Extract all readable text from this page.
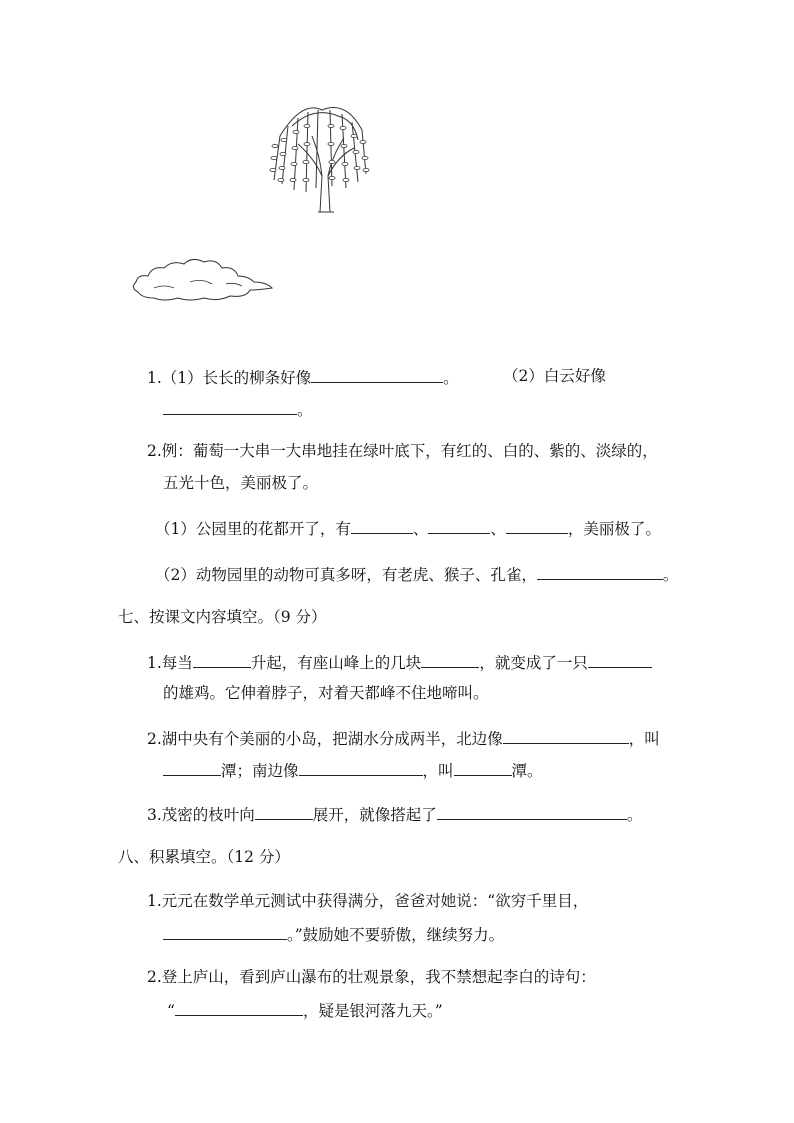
1.（1）长长的柳条好像	。	（2）白云好像
。
2.例：葡萄一大串一大串地挂在绿叶底下，有红的、白的、紫的、淡绿的，
五光十色，美丽极了。
（1）公园里的花都开了，有	、	、	，美丽极了。
（2）动物园里的动物可真多呀，有老虎、猴子、孔雀，	。
七、按课文内容填空。（9 分）
1.每当	升起，有座山峰上的几块	，就变成了一只
的雄鸡。它伸着脖子，对着天都峰不住地啼叫。
2.湖中央有个美丽的小岛，把湖水分成两半，北边像	，叫
潭；南边像	，叫	潭。
3.茂密的枝叶向	展开，就像搭起了	。
八、积累填空。（12 分）
1.元元在数学单元测试中获得满分，爸爸对她说：“欲穷千里目，
。”鼓励她不要骄傲，继续努力。
2.登上庐山，看到庐山瀑布的壮观景象，我不禁想起李白的诗句：
“	，疑是银河落九天。”
